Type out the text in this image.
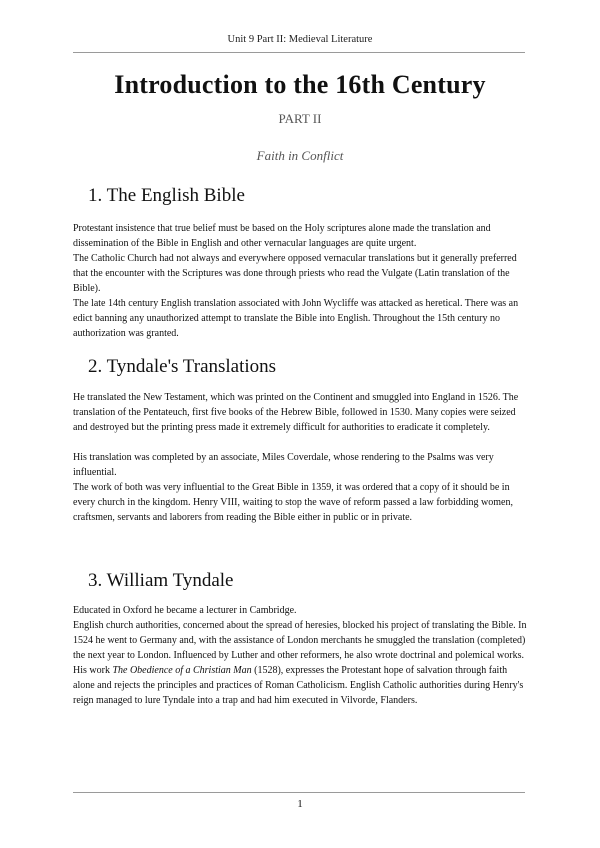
Unit 9 Part II: Medieval Literature
Introduction to the 16th Century
PART II
Faith in Conflict
1. The English Bible

Protestant insistence that true belief must be based on the Holy scriptures alone made the translation and dissemination of the Bible in English and other vernacular languages are quite urgent.

The Catholic Church had not always and everywhere opposed vernacular translations but it generally preferred that the encounter with the Scriptures was done through priests who read the Vulgate (Latin translation of the Bible).

The late 14th century English translation associated with John Wycliffe was attacked as heretical. There was an edict banning any unauthorized attempt to translate the Bible into English. Throughout the 15th century no authorization was granted.

2. Tyndale's Translations

He translated the New Testament, which was printed on the Continent and smuggled into England in 1526. The translation of the Pentateuch, first five books of the Hebrew Bible, followed in 1530. Many copies were seized and destroyed but the printing press made it extremely difficult for authorities to eradicate it completely.

His translation was completed by an associate, Miles Coverdale, whose rendering to the Psalms was very influential.

The work of both was very influential to the Great Bible in 1359, it was ordered that a copy of it should be in every church in the kingdom. Henry VIII, waiting to stop the wave of reform passed a law forbidding women, craftsmen, servants and laborers from reading the Bible either in public or in private.

3. William Tyndale

Educated in Oxford he became a lecturer in Cambridge.

English church authorities, concerned about the spread of heresies, blocked his project of translating the Bible. In 1524 he went to Germany and, with the assistance of London merchants he smuggled the translation (completed) the next year to London. Influenced by Luther and other reformers, he also wrote doctrinal and polemical works. His work The Obedience of a Christian Man (1528), expresses the Protestant hope of salvation through faith alone and rejects the principles and practices of Roman Catholicism. English Catholic authorities during Henry's reign managed to lure Tyndale into a trap and had him executed in Vilvorde, Flanders.

1
